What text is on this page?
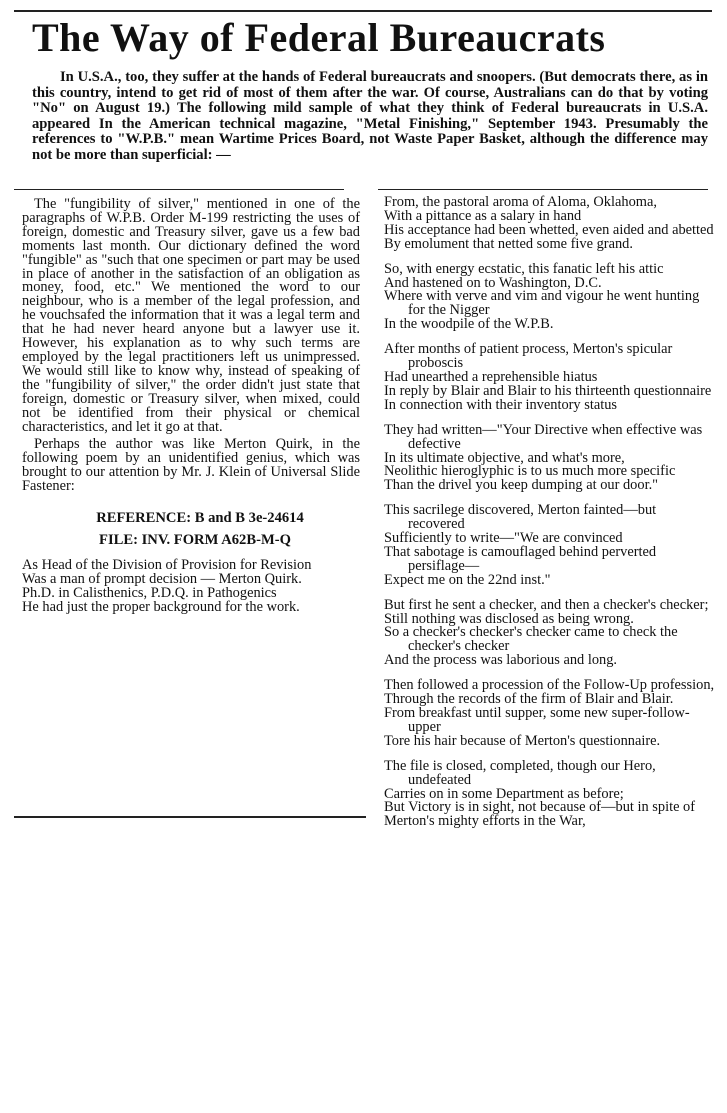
The Way of Federal Bureaucrats

In U.S.A., too, they suffer at the hands of Federal bureaucrats and snoopers. (But democrats there, as in this country, intend to get rid of most of them after the war. Of course, Australians can do that by voting "No" on August 19.) The following mild sample of what they think of Federal bureaucrats in U.S.A. appeared In the American technical magazine, "Metal Finishing," September 1943. Presumably the references to "W.P.B." mean Wartime Prices Board, not Waste Paper Basket, although the difference may not be more than superficial: —

The "fungibility of silver," mentioned in one of the paragraphs of W.P.B. Order M-199 restricting the uses of foreign, domestic and Treasury silver, gave us a few bad moments last month. Our dictionary defined the word "fungible" as "such that one specimen or part may be used in place of another in the satisfaction of an obligation as money, food, etc." We mentioned the word to our neighbour, who is a member of the legal profession, and he vouchsafed the information that it was a legal term and that he had never heard anyone but a lawyer use it. However, his explanation as to why such terms are employed by the legal practitioners left us unimpressed. We would still like to know why, instead of speaking of the "fungibility of silver," the order didn't just state that foreign, domestic or Treasury silver, when mixed, could not be identified from their physical or chemical characteristics, and let it go at that.

Perhaps the author was like Merton Quirk, in the following poem by an unidentified genius, which was brought to our attention by Mr. J. Klein of Universal Slide Fastener:

REFERENCE: B and B 3e-24614
FILE: INV. FORM A62B-M-Q
As Head of the Division of Provision for Revision
Was a man of prompt decision — Merton Quirk.
Ph.D. in Calisthenics, P.D.Q. in Pathogenics
He had just the proper background for the work.
From, the pastoral aroma of Aloma, Oklahoma,
With a pittance as a salary in hand
His acceptance had been whetted, even aided and abetted
By emolument that netted some five grand.
So, with energy ecstatic, this fanatic left his attic
And hastened on to Washington, D.C.
Where with verve and vim and vigour he went hunting for the Nigger
In the woodpile of the W.P.B.
After months of patient process, Merton's spicular proboscis
Had unearthed a reprehensible hiatus
In reply by Blair and Blair to his thirteenth questionnaire
In connection with their inventory status
They had written—"Your Directive when effective was defective
In its ultimate objective, and what's more,
Neolithic hieroglyphic is to us much more specific
Than the drivel you keep dumping at our door."
This sacrilege discovered, Merton fainted—but recovered
Sufficiently to write—"We are convinced
That sabotage is camouflaged behind perverted persiflage—
Expect me on the 22nd inst."
But first he sent a checker, and then a checker's checker;
Still nothing was disclosed as being wrong.
So a checker's checker's checker came to check the checker's checker
And the process was laborious and long.
Then followed a procession of the Follow-Up profession,
Through the records of the firm of Blair and Blair.
From breakfast until supper, some new super-follow-upper
Tore his hair because of Merton's questionnaire.
The file is closed, completed, though our Hero, undefeated
Carries on in some Department as before;
But Victory is in sight, not because of—but in spite of
Merton's mighty efforts in the War,
